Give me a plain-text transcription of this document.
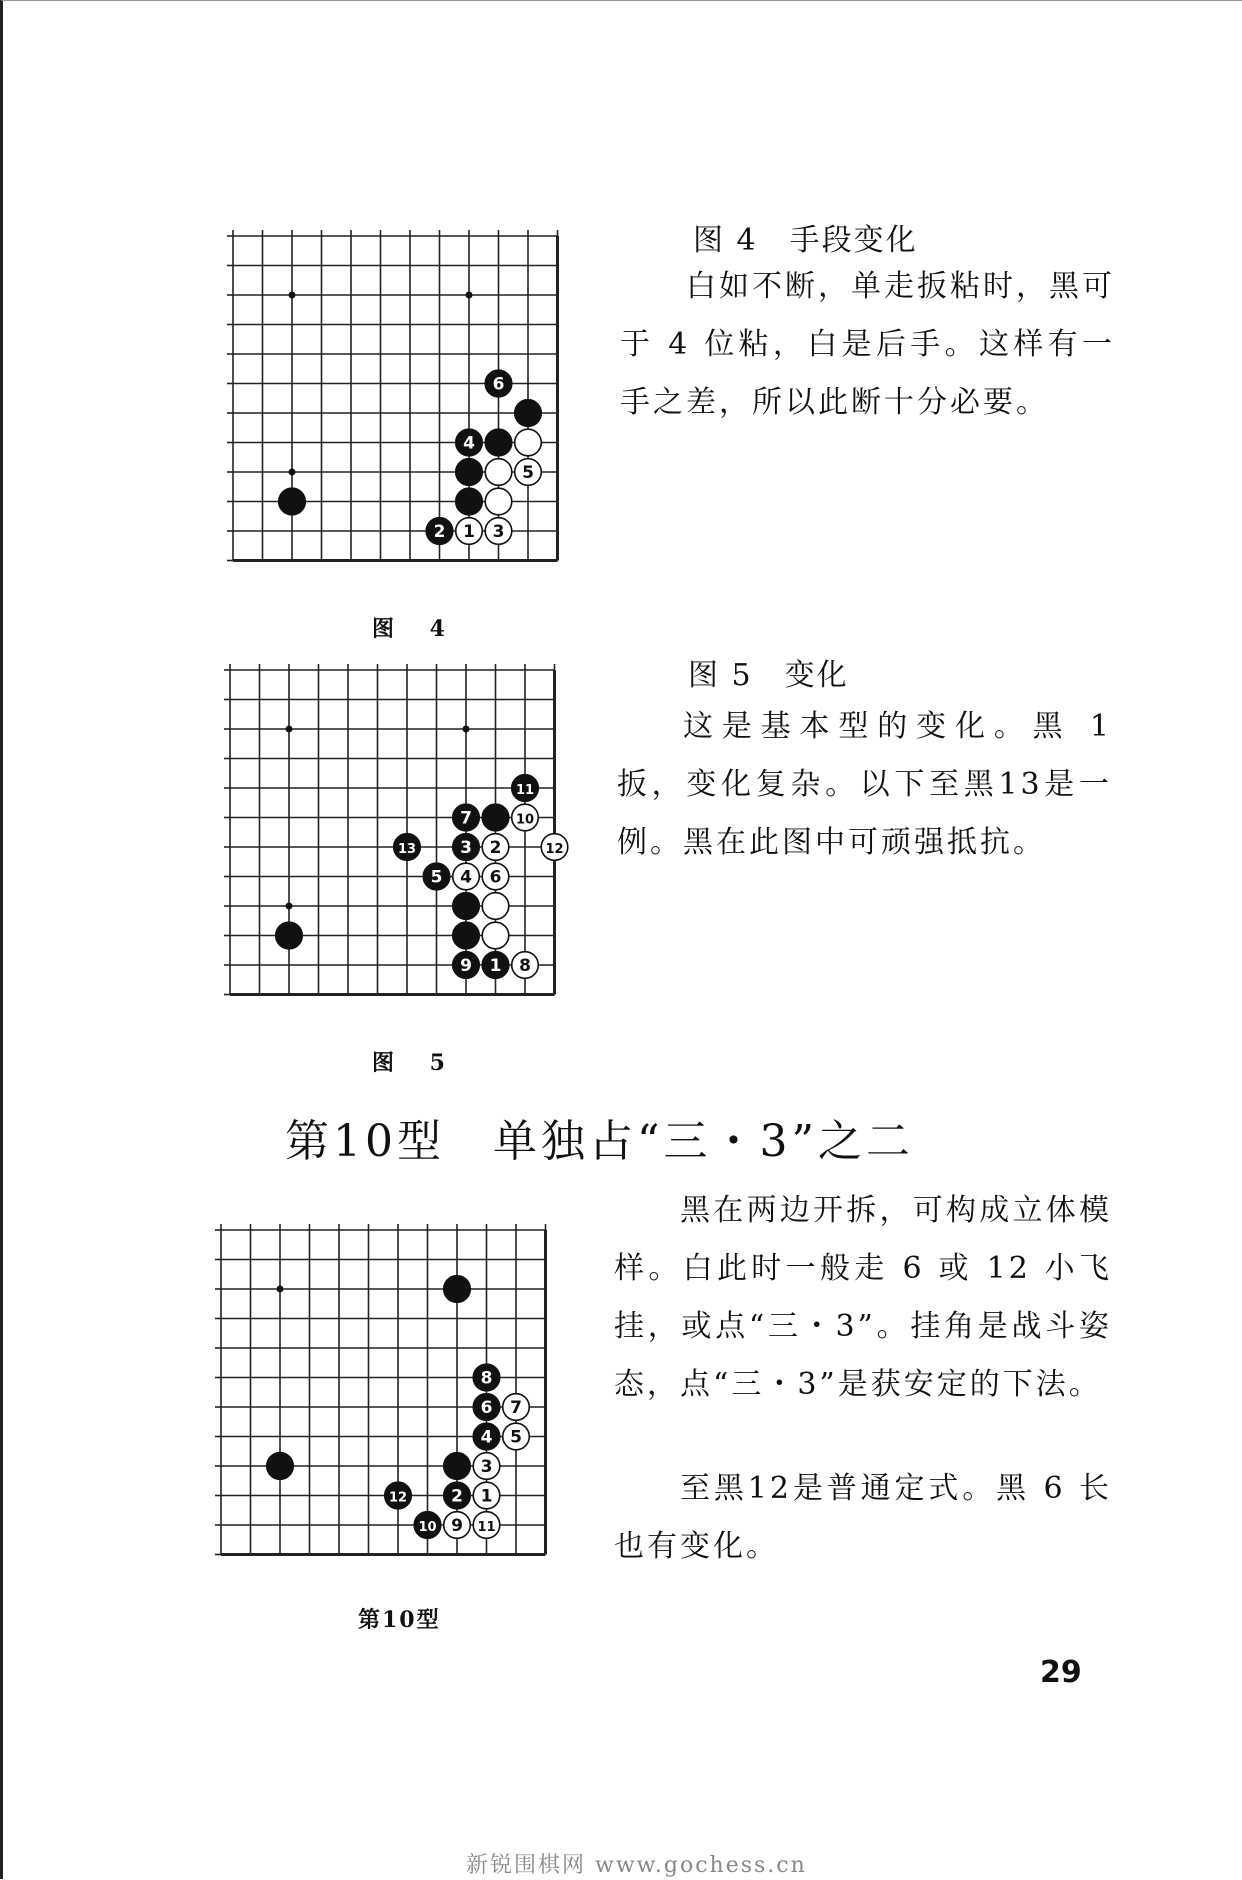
6
4
5
2 1 3
图 4
图 4　手段变化
白如不断，单走扳粘时，黑可于 4 位粘，白是后手。这样有一手之差，所以此断十分必要。
11
7	10
13	3 2	12
5 4 6
9 1 8
图 5
图 5　变化
这是基本型的变化。黑 1 扳，变化复杂。以下至黑13是一例。黑在此图中可顽强抵抗。
第10型　单独占“三・3”之二
8
6 7
4 5
3
12	2 1
10 9 11
第10型
黑在两边开拆，可构成立体模样。白此时一般走 6 或 12 小飞挂，或点“三・3”。挂角是战斗姿态，点“三・3”是获安定的下法。
至黑12是普通定式。黑 6 长也有变化。
29
新锐围棋网 www.gochess.cn
